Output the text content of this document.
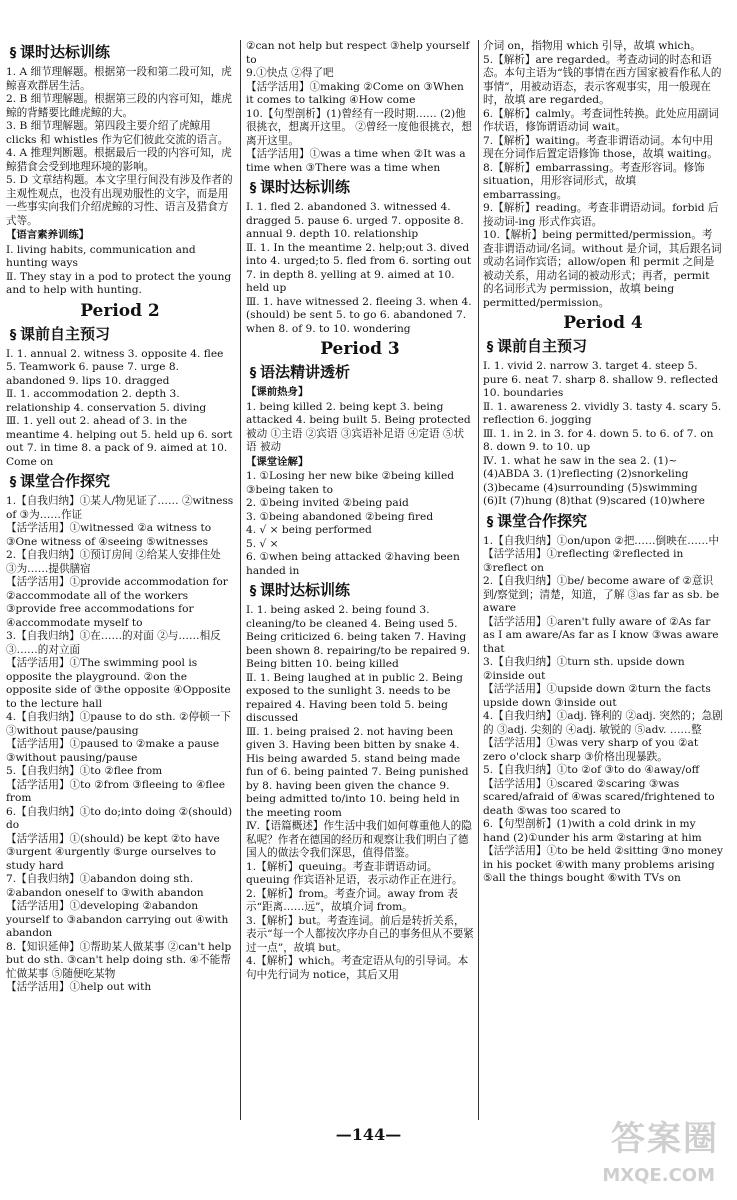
§ 课时达标训练
1. A 细节理解题。根据第一段和第二段可知，虎鲸喜欢群居生活。
2. B 细节理解题。根据第三段的内容可知，雄虎鲸的背鳍要比雌虎鲸的大。
3. B 细节理解题。第四段主要介绍了虎鲸用 clicks 和 whistles 作为它们彼此交流的语言。
4. A 推理判断题。根据最后一段的内容可知，虎鲸猎食会受到地理环境的影响。
5. D 文章结构题。本文字里行间没有涉及作者的主观性观点，也没有出现劝服性的文字，而是用一些事实向我们介绍虎鲸的习性、语言及猎食方式等。
【语言素养训练】
Ⅰ. living habits, communication and hunting ways
Ⅱ. They stay in a pod to protect the young and to help with hunting.
Period 2
§ 课前自主预习
Ⅰ. 1. annual 2. witness 3. opposite 4. flee 5. Teamwork 6. pause 7. urge 8. abandoned 9. lips 10. dragged
Ⅱ. 1. accommodation 2. depth 3. relationship 4. conservation 5. diving
Ⅲ. 1. yell out 2. ahead of 3. in the meantime 4. helping out 5. held up 6. sort out 7. in time 8. a pack of 9. aimed at 10. Come on
§ 课堂合作探究
1.【自我归纳】①某人/物见证了…… ②witness of ③为……作证
【活学活用】①witnessed ②a witness to ③One witness of ④seeing ⑤witnesses
2.【自我归纳】①预订房间 ②给某人安排住处 ③为……提供膳宿
【活学活用】①provide accommodation for ②accommodate all of the workers ③provide free accommodations for ④accommodate myself to
3.【自我归纳】①在……的对面 ②与……相反 ③……的对立面
【活学活用】①The swimming pool is opposite the playground. ②on the opposite side of ③the opposite ④Opposite to the lecture hall
4.【自我归纳】①pause to do sth. ②停顿一下 ③without pause/pausing
【活学活用】①paused to ②make a pause ③without pausing/pause
5.【自我归纳】①to ②flee from
【活学活用】①to ②from ③fleeing to ④flee from
6.【自我归纳】①to do;into doing ②(should) do
【活学活用】①(should) be kept ②to have ③urgent ④urgently ⑤urge ourselves to study hard
7.【自我归纳】①abandon doing sth. ②abandon oneself to ③with abandon
【活学活用】①developing ②abandon yourself to ③abandon carrying out ④with abandon
8.【知识延伸】①帮助某人做某事 ②can't help but do sth. ③can't help doing sth. ④不能帮忙做某事 ⑤随便吃某物
【活学活用】①help out with
②can not help but respect ③help yourself to
9.①快点 ②得了吧
【活学活用】①making ②Come on ③When it comes to talking ④How come
10.【句型剖析】(1)曾经有一段时期…… (2)他很挑衣，想离开这里。 ②曾经一度他很挑衣，想离开这里。
【活学活用】①was a time when ②It was a time when ③There was a time when
§ 课时达标训练
Ⅰ. 1. fled 2. abandoned 3. witnessed 4. dragged 5. pause 6. urged 7. opposite 8. annual 9. depth 10. relationship
Ⅱ. 1. In the meantime 2. help;out 3. dived into 4. urged;to 5. fled from 6. sorting out 7. in depth 8. yelling at 9. aimed at 10. held up
Ⅲ. 1. have witnessed 2. fleeing 3. when 4. (should) be sent 5. to go 6. abandoned 7. when 8. of 9. to 10. wondering
Period 3
§ 语法精讲透析
【课前热身】
1. being killed 2. being kept 3. being attacked 4. being built 5. Being protected
被动 ①主语 ②宾语 ③宾语补足语 ④定语 ⑤状语 被动
【课堂诠解】
1. ①Losing her new bike ②being killed ③being taken to
2. ①being invited ②being paid
3. ①being abandoned ②being fired
4. √ × being performed
5. √ ×
6. ①when being attacked ②having been handed in
§ 课时达标训练
Ⅰ. 1. being asked 2. being found 3. cleaning/to be cleaned 4. Being used 5. Being criticized 6. being taken 7. Having been shown 8. repairing/to be repaired 9. Being bitten 10. being killed
Ⅱ. 1. Being laughed at in public 2. Being exposed to the sunlight 3. needs to be repaired 4. Having been told 5. being discussed
Ⅲ. 1. being praised 2. not having been given 3. Having been bitten by snake 4. His being awarded 5. stand being made fun of 6. being painted 7. Being punished by 8. having been given the chance 9. being admitted to/into 10. being held in the meeting room
Ⅳ.【语篇概述】作生活中我们如何尊重他人的隐私呢？作者在德国的经历和观察让我们明白了德国人的做法令我们深思，值得借鉴。
1.【解析】queuing。考查非谓语动词。queuing 作宾语补足语，表示动作正在进行。
2.【解析】from。考查介词。away from 表示“距离……远”，故填介词 from。
3.【解析】but。考查连词。前后是转折关系，表示“每一个人都按次序办自己的事务但从不要紧过一点”，故填 but。
4.【解析】which。考查定语从句的引导词。本句中先行词为 notice，其后又用
介词 on，指物用 which 引导，故填 which。
5.【解析】are regarded。考查动词的时态和语态。本句主语为“钱的事情在西方国家被看作私人的事情”，用被动语态，表示客观事实，用一般现在时，故填 are regarded。
6.【解析】calmly。考查词性转换。此处应用副词作状语，修饰谓语动词 wait。
7.【解析】waiting。考查非谓语动词。本句中用现在分词作后置定语修饰 those，故填 waiting。
8.【解析】embarrassing。考查形容词。修饰 situation，用形容词形式，故填 embarrassing。
9.【解析】reading。考查非谓语动词。forbid 后接动词-ing 形式作宾语。
10.【解析】being permitted/permission。考查非谓语动词/名词。without 是介词，其后跟名词或动名词作宾语；allow/open 和 permit 之间是被动关系，用动名词的被动形式；再者，permit 的名词形式为 permission，故填 being permitted/permission。
Period 4
§ 课前自主预习
Ⅰ. 1. vivid 2. narrow 3. target 4. steep 5. pure 6. neat 7. sharp 8. shallow 9. reflected 10. boundaries
Ⅱ. 1. awareness 2. vividly 3. tasty 4. scary 5. reflection 6. jogging
Ⅲ. 1. in 2. in 3. for 4. down 5. to 6. of 7. on 8. down 9. to 10. up
Ⅳ. 1. what he saw in the sea 2. (1)~(4)ABDA 3. (1)reflecting (2)snorkeling (3)became (4)surrounding (5)swimming (6)It (7)hung (8)that (9)scared (10)where
§ 课堂合作探究
1.【自我归纳】①on/upon ②把……倒映在……中
【活学活用】①reflecting ②reflected in ③reflect on
2.【自我归纳】①be/ become aware of ②意识到/察觉到；清楚，知道，了解 ③as far as sb. be aware
【活学活用】①aren't fully aware of ②As far as I am aware/As far as I know ③was aware that
3.【自我归纳】①turn sth. upside down ②inside out
【活学活用】①upside down ②turn the facts upside down ③inside out
4.【自我归纳】①adj. 锋利的 ②adj. 突然的；急剧的 ③adj. 尖刻的 ④adj. 敏锐的 ⑤adv. ……整
【活学活用】①was very sharp of you ②at zero o'clock sharp ③价格出现暴跌。
5.【自我归纳】①to ②of ③to do ④away/off
【活学活用】①scared ②scaring ③was scared/afraid of ④was scared/frightened to death ⑤was too scared to
6.【句型剖析】(1)with a cold drink in my hand (2)①under his arm ②staring at him
【活学活用】①to be held ②sitting ③no money in his pocket ④with many problems arising ⑤all the things bought ⑥with TVs on
—144—	答案圈
MXQE.COM
